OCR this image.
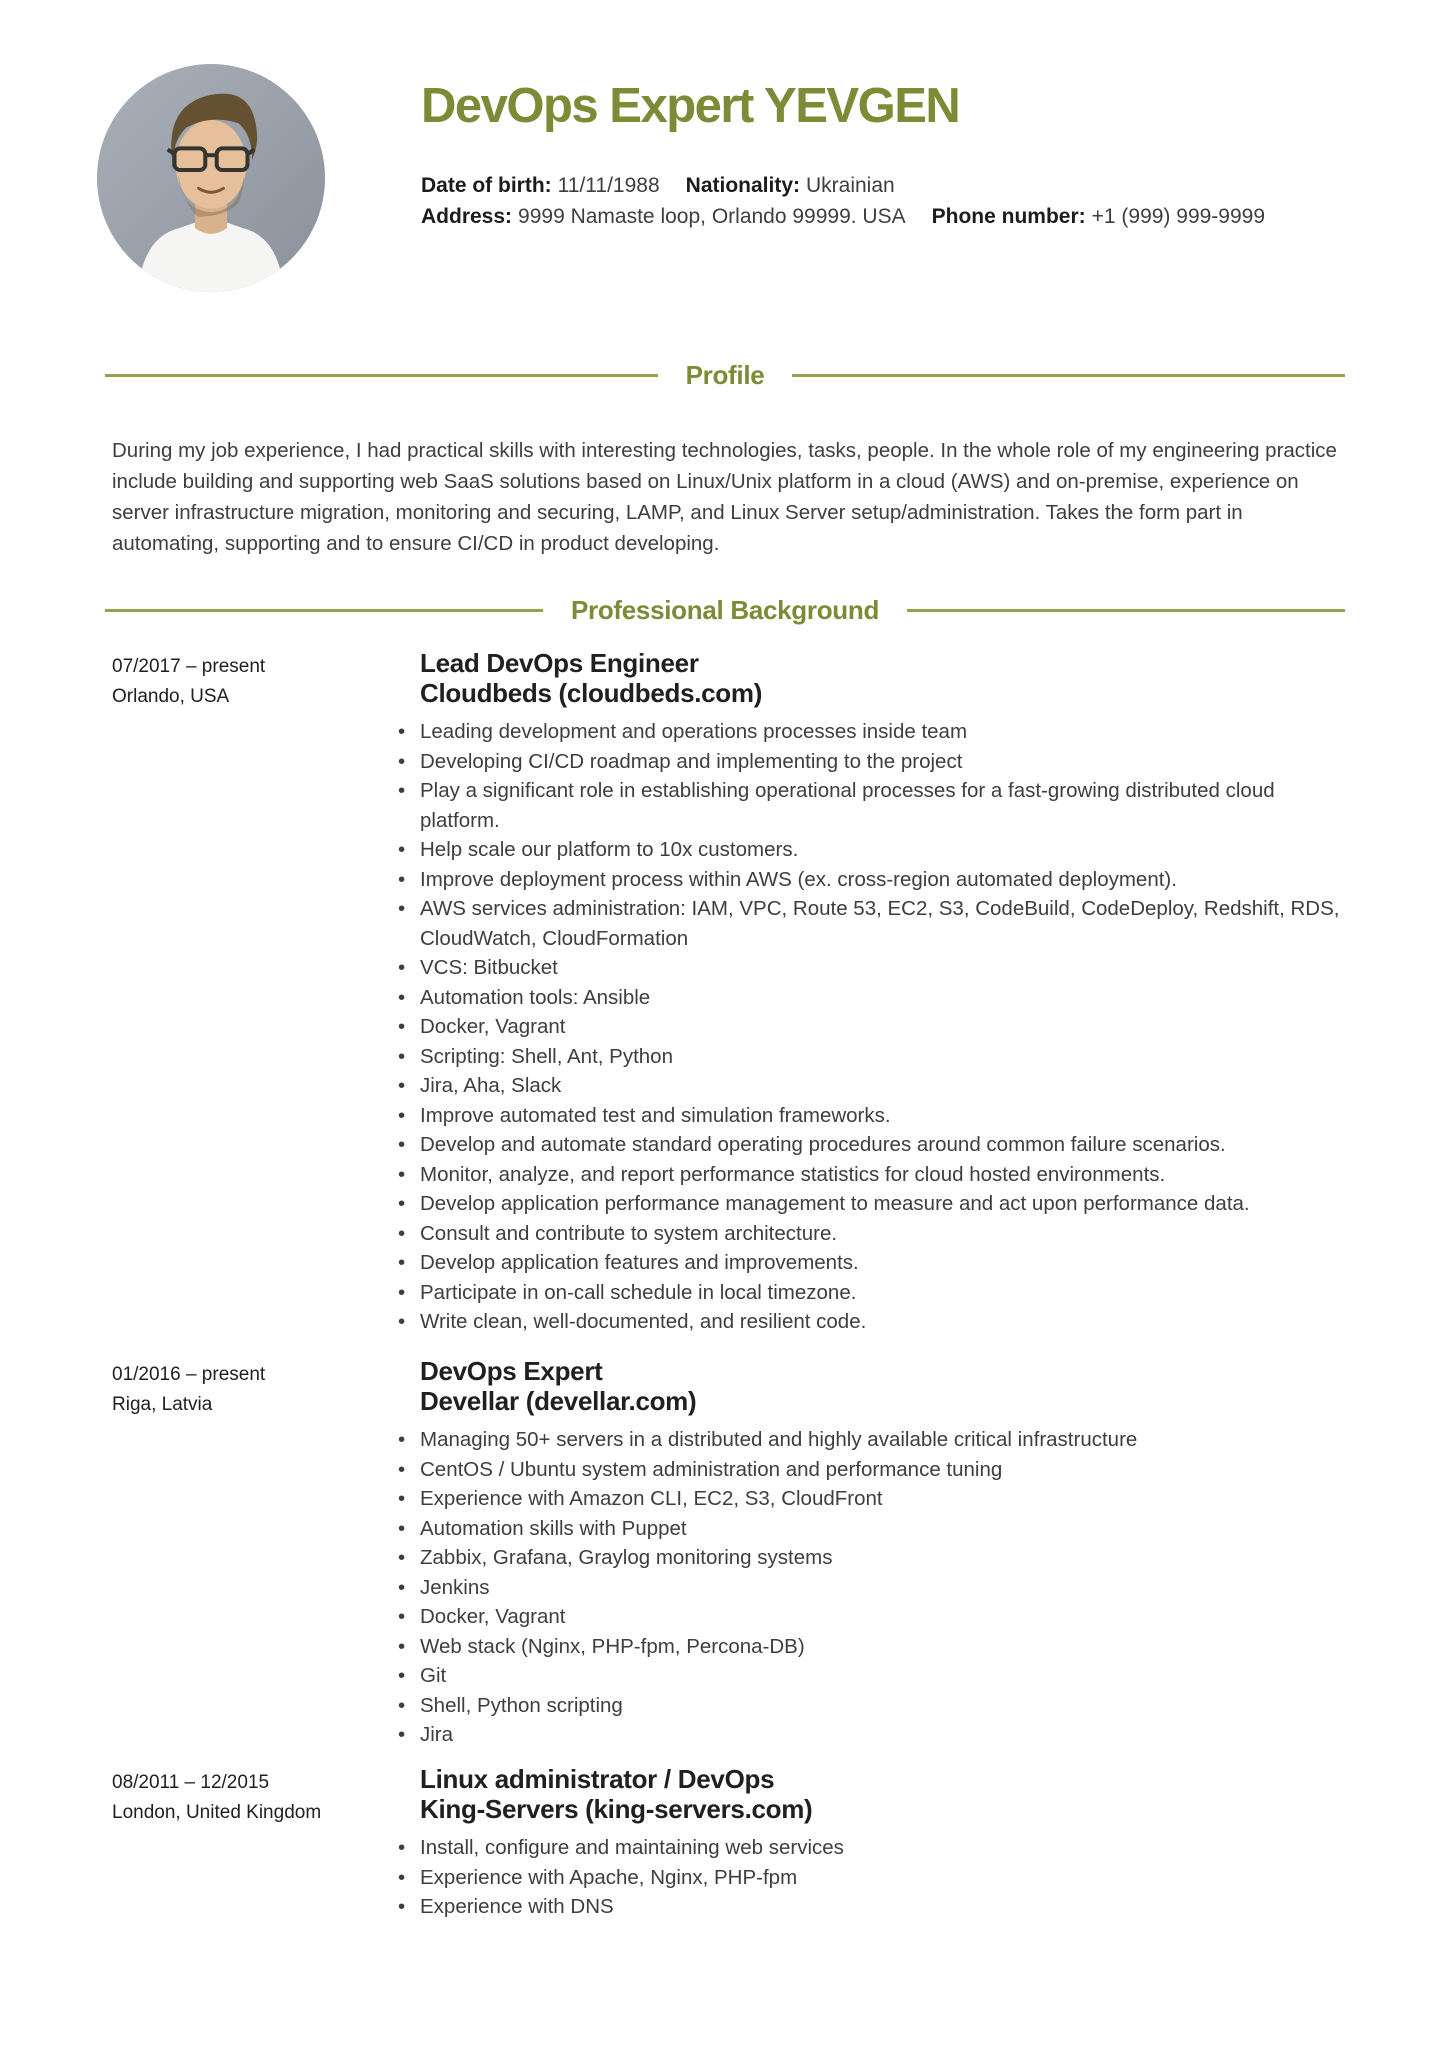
DevOps Expert YEVGEN
Date of birth: 11/11/1988 Nationality: Ukrainian
Address: 9999 Namaste loop, Orlando 99999. USA Phone number: +1 (999) 999-9999
Profile

During my job experience, I had practical skills with interesting technologies, tasks, people. In the whole role of my engineering practice include building and supporting web SaaS solutions based on Linux/Unix platform in a cloud (AWS) and on-premise, experience on server infrastructure migration, monitoring and securing, LAMP, and Linux Server setup/administration. Takes the form part in automating, supporting and to ensure CI/CD in product developing.

Professional Background
07/2017 – present
Orlando, USA
Lead DevOps Engineer
Cloudbeds (cloudbeds.com)
• Leading development and operations processes inside team
• Developing CI/CD roadmap and implementing to the project
• Play a significant role in establishing operational processes for a fast-growing distributed cloud platform.
• Help scale our platform to 10x customers.
• Improve deployment process within AWS (ex. cross-region automated deployment).
• AWS services administration: IAM, VPC, Route 53, EC2, S3, CodeBuild, CodeDeploy, Redshift, RDS, CloudWatch, CloudFormation
• VCS: Bitbucket
• Automation tools: Ansible
• Docker, Vagrant
• Scripting: Shell, Ant, Python
• Jira, Aha, Slack
• Improve automated test and simulation frameworks.
• Develop and automate standard operating procedures around common failure scenarios.
• Monitor, analyze, and report performance statistics for cloud hosted environments.
• Develop application performance management to measure and act upon performance data.
• Consult and contribute to system architecture.
• Develop application features and improvements.
• Participate in on-call schedule in local timezone.
• Write clean, well-documented, and resilient code.
01/2016 – present
Riga, Latvia
DevOps Expert
Devellar (devellar.com)
• Managing 50+ servers in a distributed and highly available critical infrastructure
• CentOS / Ubuntu system administration and performance tuning
• Experience with Amazon CLI, EC2, S3, CloudFront
• Automation skills with Puppet
• Zabbix, Grafana, Graylog monitoring systems
• Jenkins
• Docker, Vagrant
• Web stack (Nginx, PHP-fpm, Percona-DB)
• Git
• Shell, Python scripting
• Jira
08/2011 – 12/2015
London, United Kingdom
Linux administrator / DevOps
King-Servers (king-servers.com)
• Install, configure and maintaining web services
• Experience with Apache, Nginx, PHP-fpm
• Experience with DNS
